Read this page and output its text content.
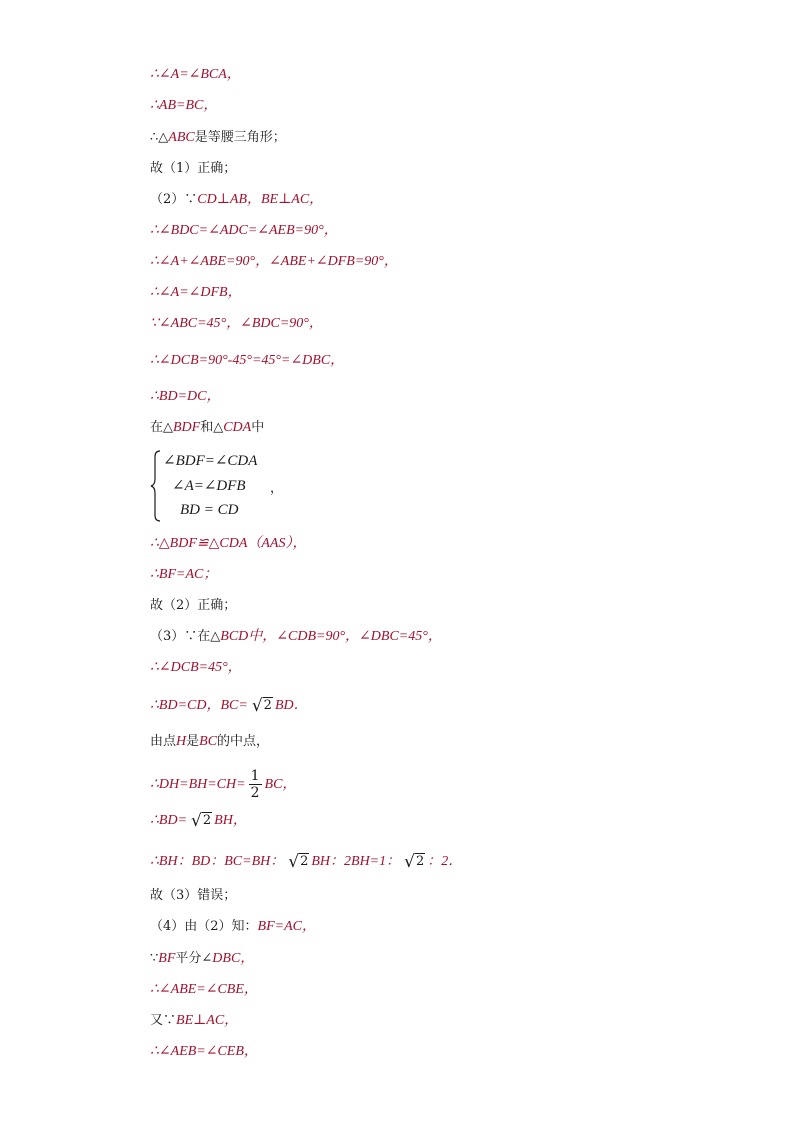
∴∠A=∠BCA，
∴AB=BC，
∴△ABC是等腰三角形；
故（1）正确；
（2）∵CD⊥AB，BE⊥AC，
∴∠BDC=∠ADC=∠AEB=90°，
∴∠A+∠ABE=90°，∠ABE+∠DFB=90°，
∴∠A=∠DFB，
∵∠ABC=45°，∠BDC=90°，
∴∠DCB=90°-45°=45°=∠DBC，
∴BD=DC，
在△BDF和△CDA中
∠BDF=∠CDA
∠A=∠DFB
BD = CD
，
∴△BDF≌△CDA（AAS），
∴BF=AC；
故（2）正确；
（3）∵在△BCD中，∠CDB=90°，∠DBC=45°，
∴∠DCB=45°，
∴BD=CD，BC= √2 BD．
由点H是BC的中点，
∴DH=BH=CH= $\frac{1}{2}$ BC，
∴BD= √2 BH，
∴BH：BD：BC=BH： √2 BH：2BH=1： √2 ：2．
故（3）错误；
（4）由（2）知：BF=AC，
∵BF平分∠DBC，
∴∠ABE=∠CBE，
又∵BE⊥AC，
∴∠AEB=∠CEB，
